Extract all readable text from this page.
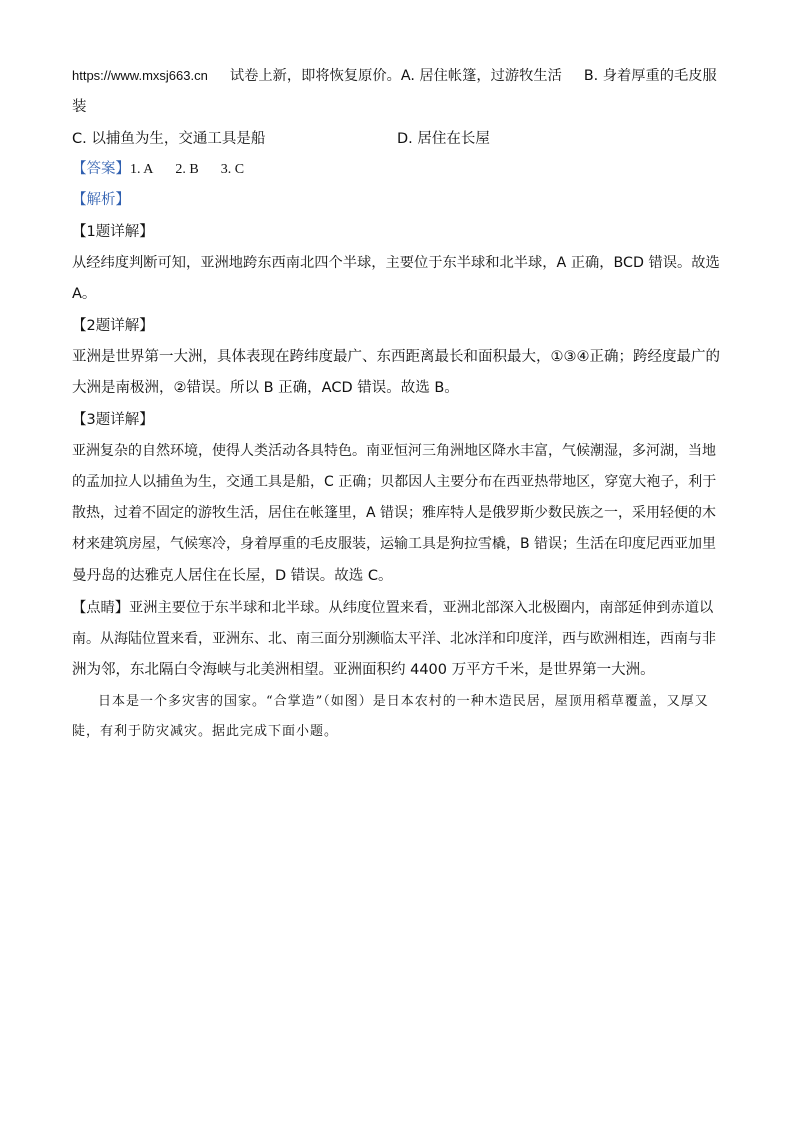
https://www.mxsj663.cn 试卷上新，即将恢复原价。A. 居住帐篷，过游牧生活 B. 身着厚重的毛皮服
装
C. 以捕鱼为生，交通工具是船	D. 居住在长屋
【答案】1. A 2. B 3. C
【解析】
【1题详解】
从经纬度判断可知，亚洲地跨东西南北四个半球，主要位于东半球和北半球，A 正确，BCD 错误。故选
A。
【2题详解】
亚洲是世界第一大洲，具体表现在跨纬度最广、东西距离最长和面积最大，①③④正确；跨经度最广的
大洲是南极洲，②错误。所以 B 正确，ACD 错误。故选 B。
【3题详解】
亚洲复杂的自然环境，使得人类活动各具特色。南亚恒河三角洲地区降水丰富，气候潮湿，多河湖，当地
的孟加拉人以捕鱼为生，交通工具是船，C 正确；贝都因人主要分布在西亚热带地区，穿宽大袍子，利于
散热，过着不固定的游牧生活，居住在帐篷里，A 错误；雅库特人是俄罗斯少数民族之一，采用轻便的木
材来建筑房屋，气候寒冷，身着厚重的毛皮服装，运输工具是狗拉雪橇，B 错误；生活在印度尼西亚加里
曼丹岛的达雅克人居住在长屋，D 错误。故选 C。
【点睛】亚洲主要位于东半球和北半球。从纬度位置来看，亚洲北部深入北极圈内，南部延伸到赤道以
南。从海陆位置来看，亚洲东、北、南三面分别濒临太平洋、北冰洋和印度洋，西与欧洲相连，西南与非
洲为邻，东北隔白令海峡与北美洲相望。亚洲面积约 4400 万平方千米，是世界第一大洲。
日本是一个多灾害的国家。“合掌造”（如图）是日本农村的一种木造民居，屋顶用稻草覆盖，又厚又陡，有利于防灾减灾。据此完成下面小题。
